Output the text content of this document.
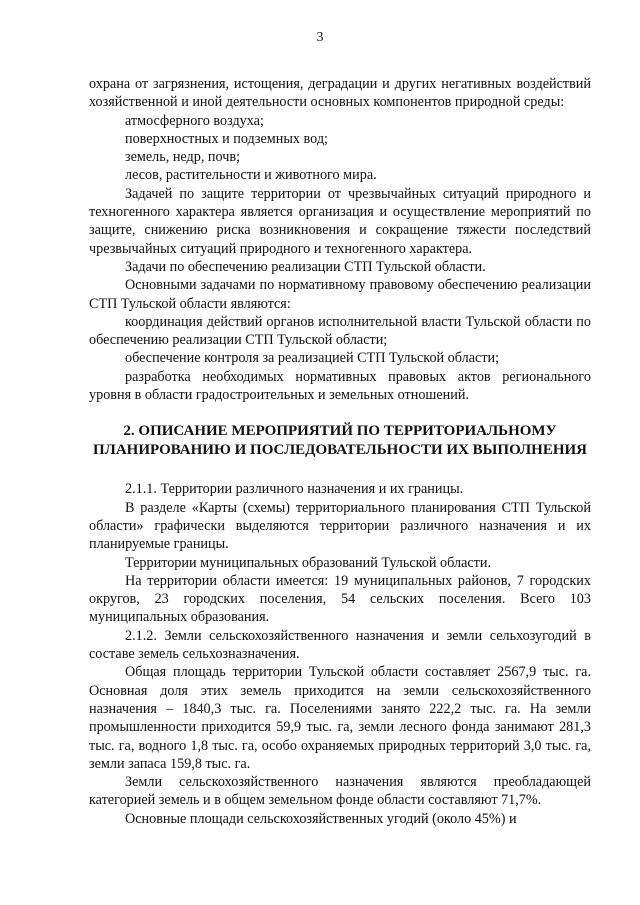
3

охрана от загрязнения, истощения, деградации и других негативных воздействий хозяйственной и иной деятельности основных компонентов природной среды:

атмосферного воздуха;

поверхностных и подземных вод;

земель, недр, почв;

лесов, растительности и животного мира.

Задачей по защите территории от чрезвычайных ситуаций природного и техногенного характера является организация и осуществление мероприятий по защите, снижению риска возникновения и сокращение тяжести последствий чрезвычайных ситуаций природного и техногенного характера.

Задачи по обеспечению реализации СТП Тульской области.

Основными задачами по нормативному правовому обеспечению реализации СТП Тульской области являются:

координация действий органов исполнительной власти Тульской области по обеспечению реализации СТП Тульской области;

обеспечение контроля за реализацией СТП Тульской области;

разработка необходимых нормативных правовых актов регионального уровня в области градостроительных и земельных отношений.

2. ОПИСАНИЕ МЕРОПРИЯТИЙ ПО ТЕРРИТОРИАЛЬНОМУ

ПЛАНИРОВАНИЮ И ПОСЛЕДОВАТЕЛЬНОСТИ ИХ ВЫПОЛНЕНИЯ

2.1.1. Территории различного назначения и их границы.

В разделе «Карты (схемы) территориального планирования СТП Тульской области» графически выделяются территории различного назначения и их планируемые границы.

Территории муниципальных образований Тульской области.

На территории области имеется: 19 муниципальных районов, 7 городских округов, 23 городских поселения, 54 сельских поселения. Всего 103 муниципальных образования.

2.1.2. Земли сельскохозяйственного назначения и земли сельхозугодий в составе земель сельхозназначения.

Общая площадь территории Тульской области составляет 2567,9 тыс. га. Основная доля этих земель приходится на земли сельскохозяйственного назначения – 1840,3 тыс. га. Поселениями занято 222,2 тыс. га. На земли промышленности приходится 59,9 тыс. га, земли лесного фонда занимают 281,3 тыс. га, водного 1,8 тыс. га, особо охраняемых природных территорий 3,0 тыс. га, земли запаса 159,8 тыс. га.

Земли сельскохозяйственного назначения являются преобладающей категорией земель и в общем земельном фонде области составляют 71,7%.

Основные площади сельскохозяйственных угодий (около 45%) и
